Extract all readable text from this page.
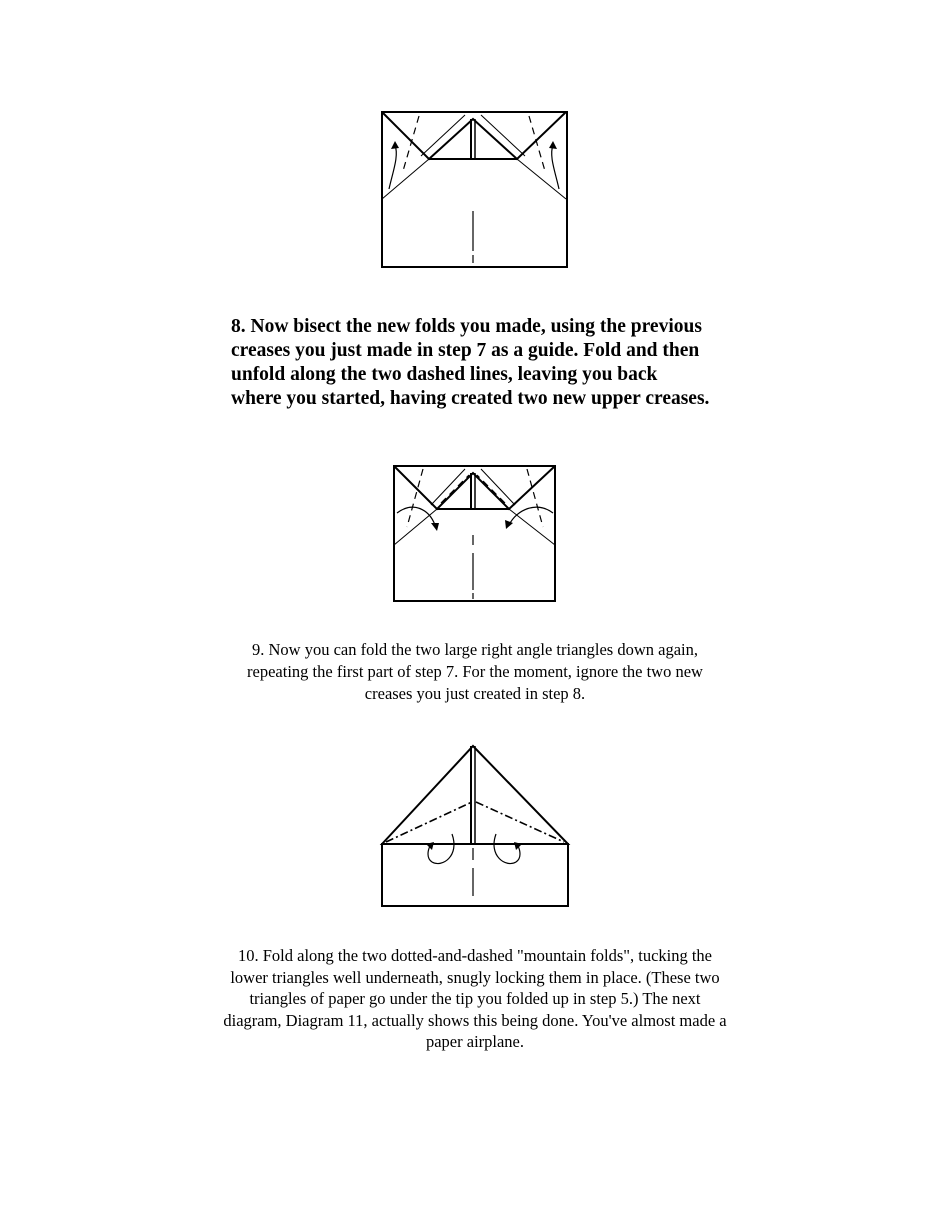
8. Now bisect the new folds you made, using the previous creases you just made in step 7 as a guide. Fold and then unfold along the two dashed lines, leaving you back where you started, having created two new upper creases.

9. Now you can fold the two large right angle triangles down again, repeating the first part of step 7. For the moment, ignore the two new creases you just created in step 8.

10. Fold along the two dotted-and-dashed "mountain folds", tucking the lower triangles well underneath, snugly locking them in place. (These two triangles of paper go under the tip you folded up in step 5.) The next diagram, Diagram 11, actually shows this being done. You've almost made a paper airplane.
